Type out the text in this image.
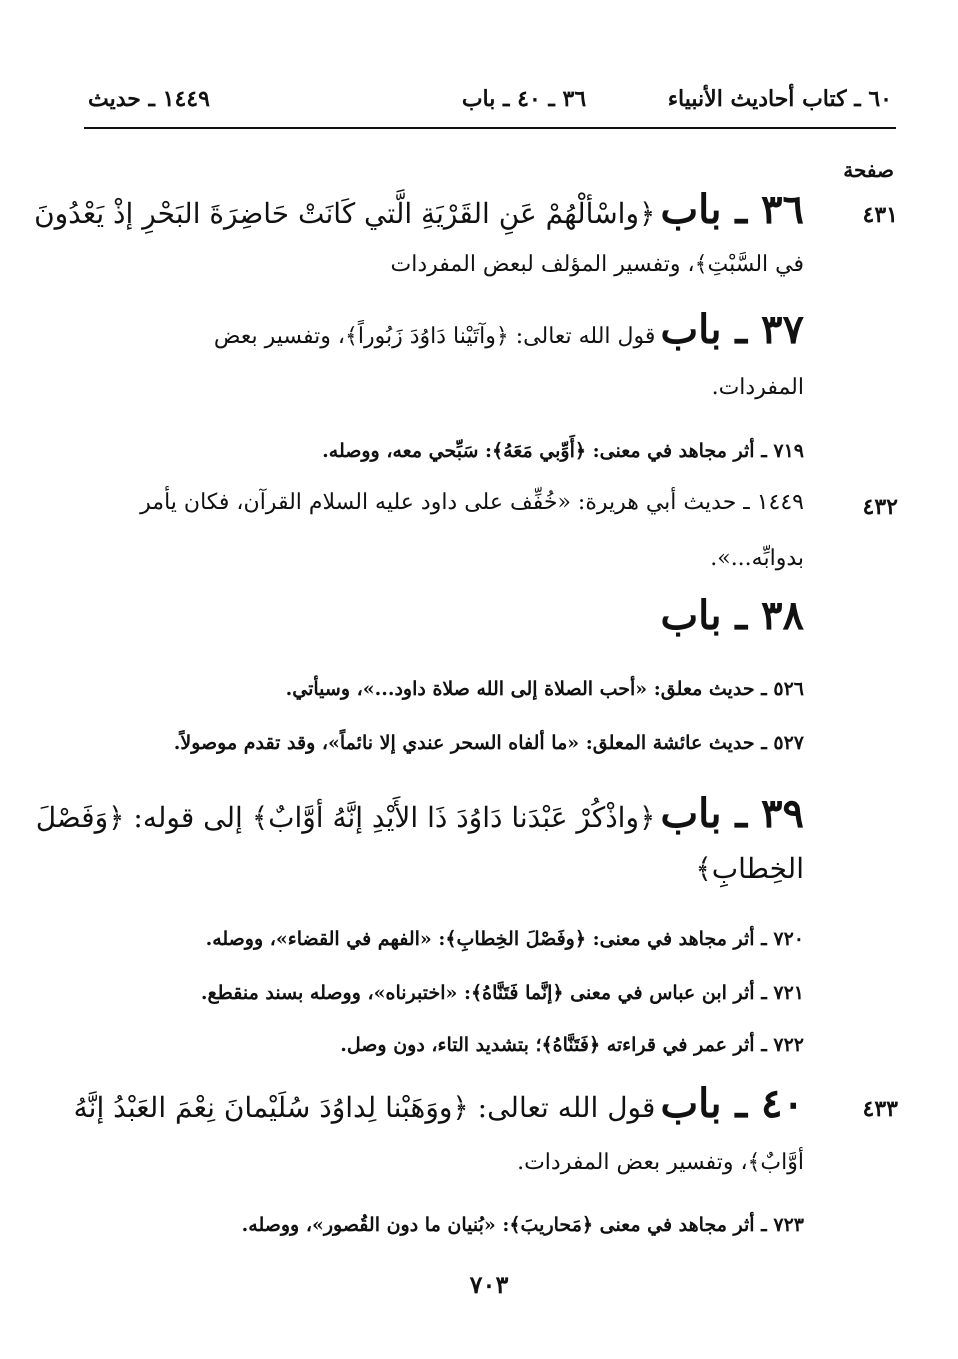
٦٠ ـ كتاب أحاديث الأنبياء
٣٦ ـ ٤٠ ـ باب
١٤٤٩ ـ حديث
صفحة
٤٣١
٣٦ ـ باب ﴿واسْألْهُمْ عَنِ القَرْيَةِ الَّتي كَانَتْ حَاضِرَةَ البَحْرِ إذْ يَعْدُونَ
في السَّبْتِ﴾، وتفسير المؤلف لبعض المفردات
٣٧ ـ باب قول الله تعالى: ﴿وآتَيْنا دَاوُدَ زَبُوراً﴾، وتفسير بعض
المفردات.
٧١٩ ـ أثر مجاهد في معنى: ﴿أَوِّبي مَعَهُ﴾: سَبِّحي معه، ووصله.
٤٣٢
١٤٤٩ ـ حديث أبي هريرة: «خُفِّف على داود عليه السلام القرآن، فكان يأمر
بدوابِّه...».
٣٨ ـ باب
٥٢٦ ـ حديث معلق: «أحب الصلاة إلى الله صلاة داود...»، وسيأتي.
٥٢٧ ـ حديث عائشة المعلق: «ما ألفاه السحر عندي إلا نائماً»، وقد تقدم موصولاً.
٣٩ ـ باب ﴿واذْكُرْ عَبْدَنا دَاوُدَ ذَا الأَيْدِ إنَّهُ أوَّابٌ﴾ إلى قوله: ﴿وَفَصْلَ
الخِطابِ﴾
٧٢٠ ـ أثر مجاهد في معنى: ﴿وفَصْلَ الخِطابِ﴾: «الفهم في القضاء»، ووصله.
٧٢١ ـ أثر ابن عباس في معنى ﴿إنَّما فَتَنَّاهُ﴾: «اختبرناه»، ووصله بسند منقطع.
٧٢٢ ـ أثر عمر في قراءته ﴿فَتَنَّاهُ﴾؛ بتشديد التاء، دون وصل.
٤٣٣
٤٠ ـ باب قول الله تعالى: ﴿ووَهَبْنا لِداوُدَ سُلَيْمانَ نِعْمَ العَبْدُ إنَّهُ
أوَّابٌ﴾، وتفسير بعض المفردات.
٧٢٣ ـ أثر مجاهد في معنى ﴿مَحاريبَ﴾: «بُنيان ما دون القُصور»، ووصله.
٧٠٣
